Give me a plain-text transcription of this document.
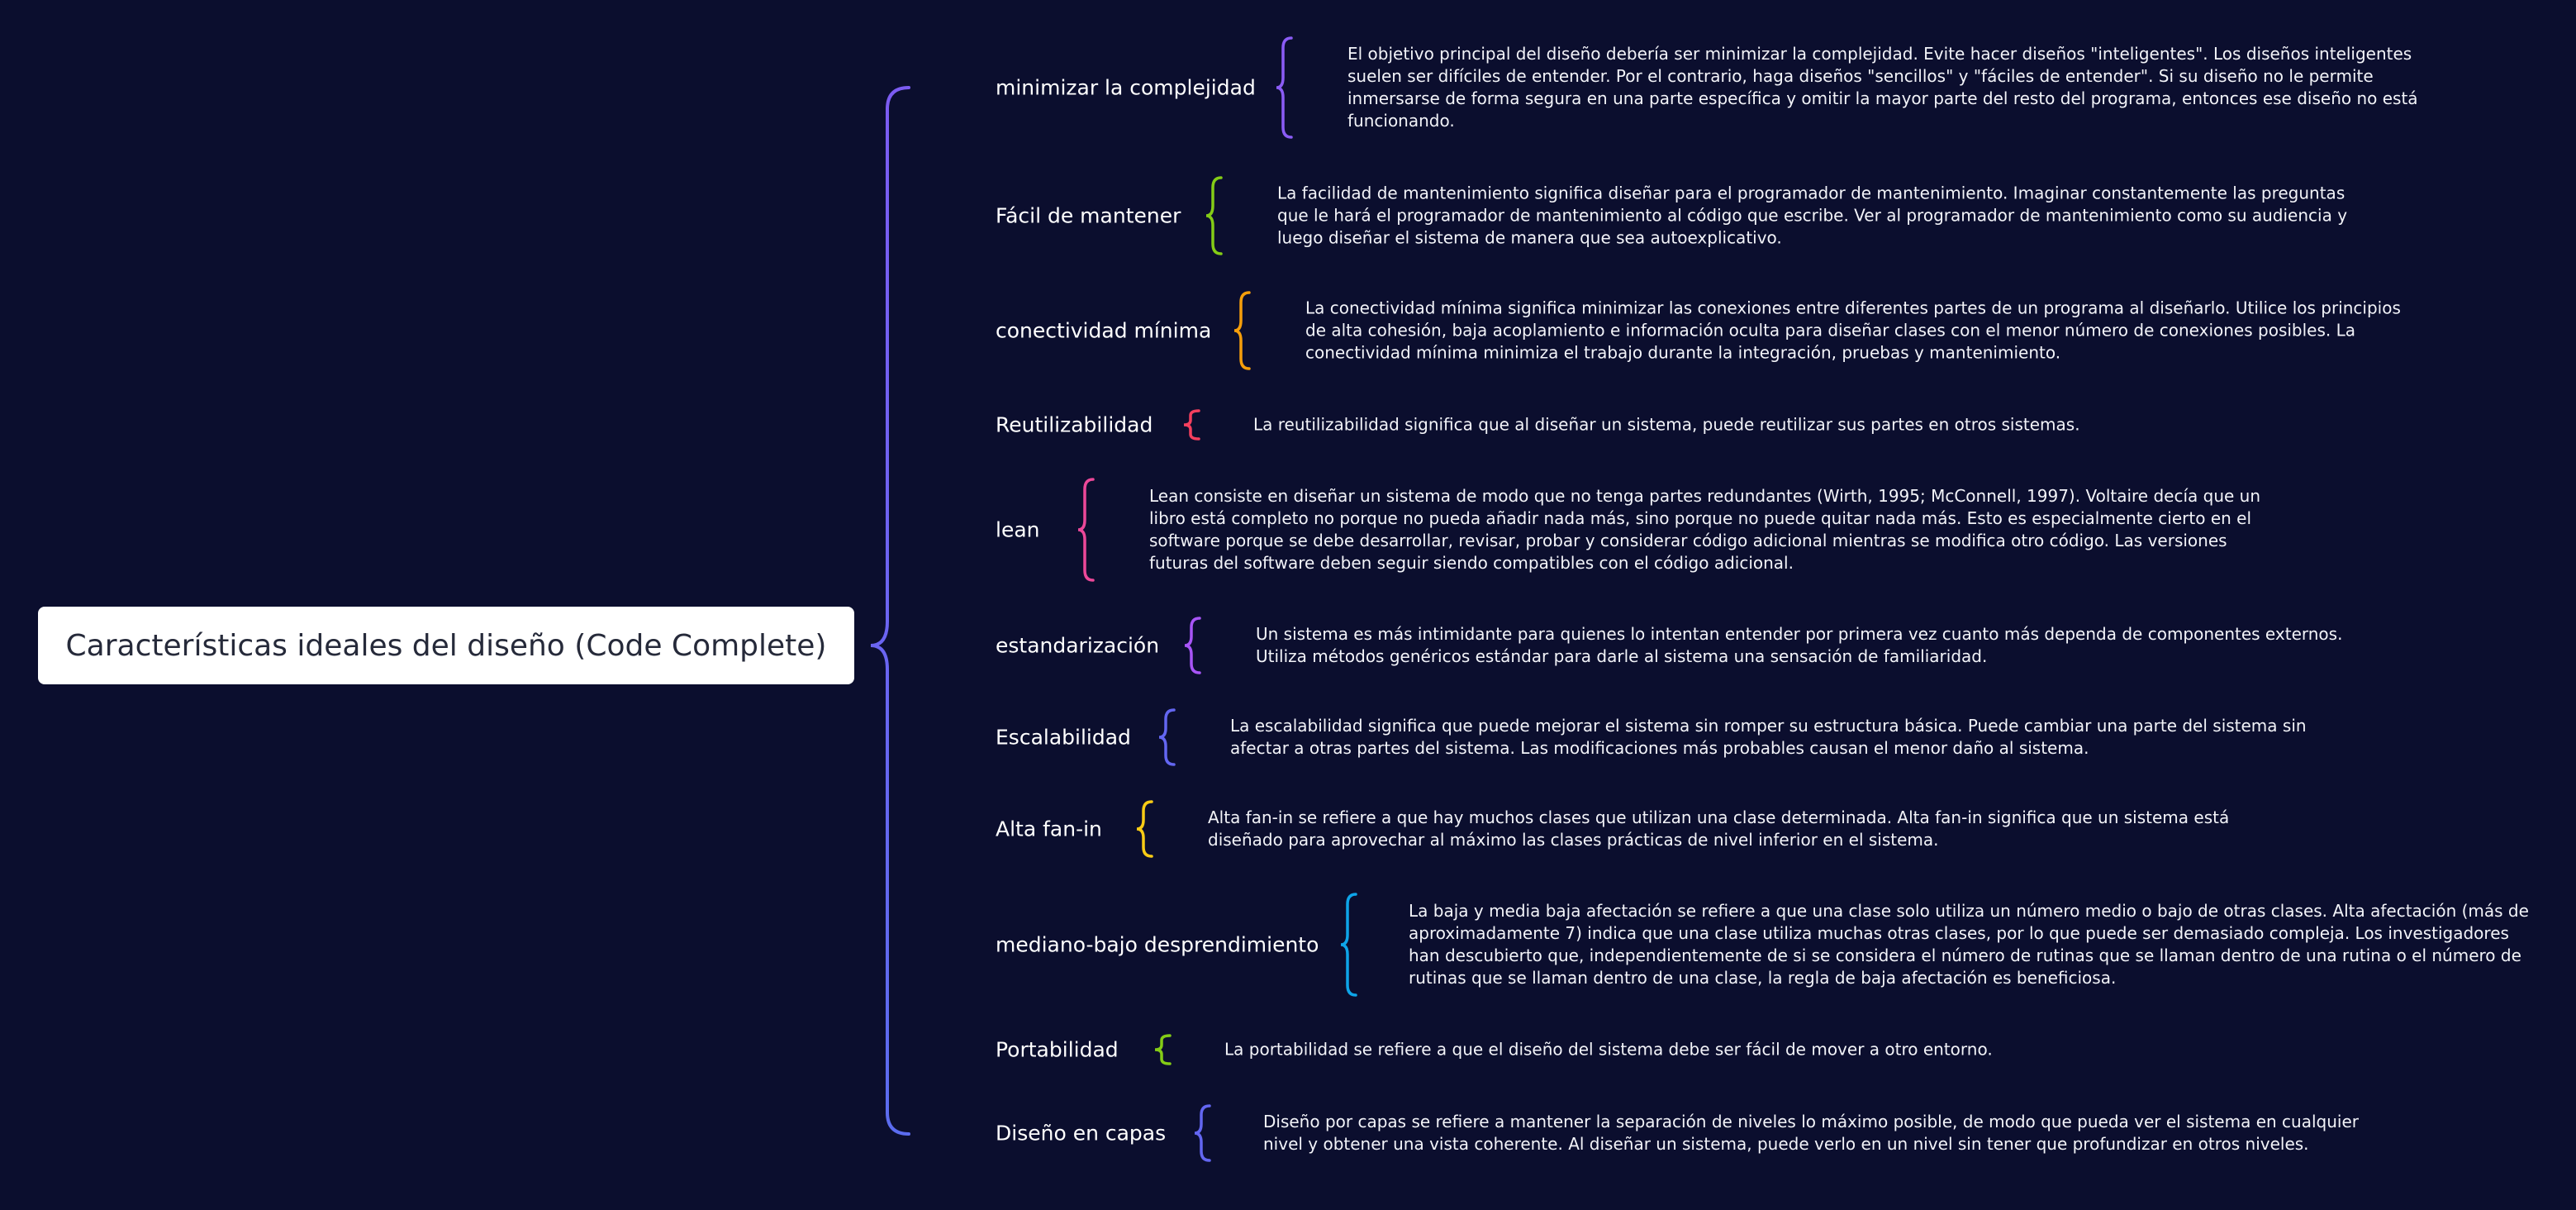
Características ideales del diseño (Code Complete)
minimizar la complejidad
El objetivo principal del diseño debería ser minimizar la complejidad. Evite hacer diseños "inteligentes". Los diseños inteligentes suelen ser difíciles de entender. Por el contrario, haga diseños "sencillos" y "fáciles de entender". Si su diseño no le permite inmersarse de forma segura en una parte específica y omitir la mayor parte del resto del programa, entonces ese diseño no está funcionando.
Fácil de mantener
La facilidad de mantenimiento significa diseñar para el programador de mantenimiento. Imaginar constantemente las preguntas que le hará el programador de mantenimiento al código que escribe. Ver al programador de mantenimiento como su audiencia y luego diseñar el sistema de manera que sea autoexplicativo.
conectividad mínima
La conectividad mínima significa minimizar las conexiones entre diferentes partes de un programa al diseñarlo. Utilice los principios de alta cohesión, baja acoplamiento e información oculta para diseñar clases con el menor número de conexiones posibles. La conectividad mínima minimiza el trabajo durante la integración, pruebas y mantenimiento.
Reutilizabilidad	La reutilizabilidad significa que al diseñar un sistema, puede reutilizar sus partes en otros sistemas.
lean
Lean consiste en diseñar un sistema de modo que no tenga partes redundantes (Wirth, 1995; McConnell, 1997). Voltaire decía que un libro está completo no porque no pueda añadir nada más, sino porque no puede quitar nada más. Esto es especialmente cierto en el software porque se debe desarrollar, revisar, probar y considerar código adicional mientras se modifica otro código. Las versiones futuras del software deben seguir siendo compatibles con el código adicional.
estandarización	Un sistema es más intimidante para quienes lo intentan entender por primera vez cuanto más dependa de componentes externos. Utiliza métodos genéricos estándar para darle al sistema una sensación de familiaridad.
Escalabilidad	La escalabilidad significa que puede mejorar el sistema sin romper su estructura básica. Puede cambiar una parte del sistema sin afectar a otras partes del sistema. Las modificaciones más probables causan el menor daño al sistema.
Alta fan-in	Alta fan-in se refiere a que hay muchos clases que utilizan una clase determinada. Alta fan-in significa que un sistema está diseñado para aprovechar al máximo las clases prácticas de nivel inferior en el sistema.
mediano-bajo desprendimiento
La baja y media baja afectación se refiere a que una clase solo utiliza un número medio o bajo de otras clases. Alta afectación (más de aproximadamente 7) indica que una clase utiliza muchas otras clases, por lo que puede ser demasiado compleja. Los investigadores han descubierto que, independientemente de si se considera el número de rutinas que se llaman dentro de una rutina o el número de rutinas que se llaman dentro de una clase, la regla de baja afectación es beneficiosa.
Portabilidad	La portabilidad se refiere a que el diseño del sistema debe ser fácil de mover a otro entorno.
Diseño en capas	Diseño por capas se refiere a mantener la separación de niveles lo máximo posible, de modo que pueda ver el sistema en cualquier nivel y obtener una vista coherente. Al diseñar un sistema, puede verlo en un nivel sin tener que profundizar en otros niveles.
